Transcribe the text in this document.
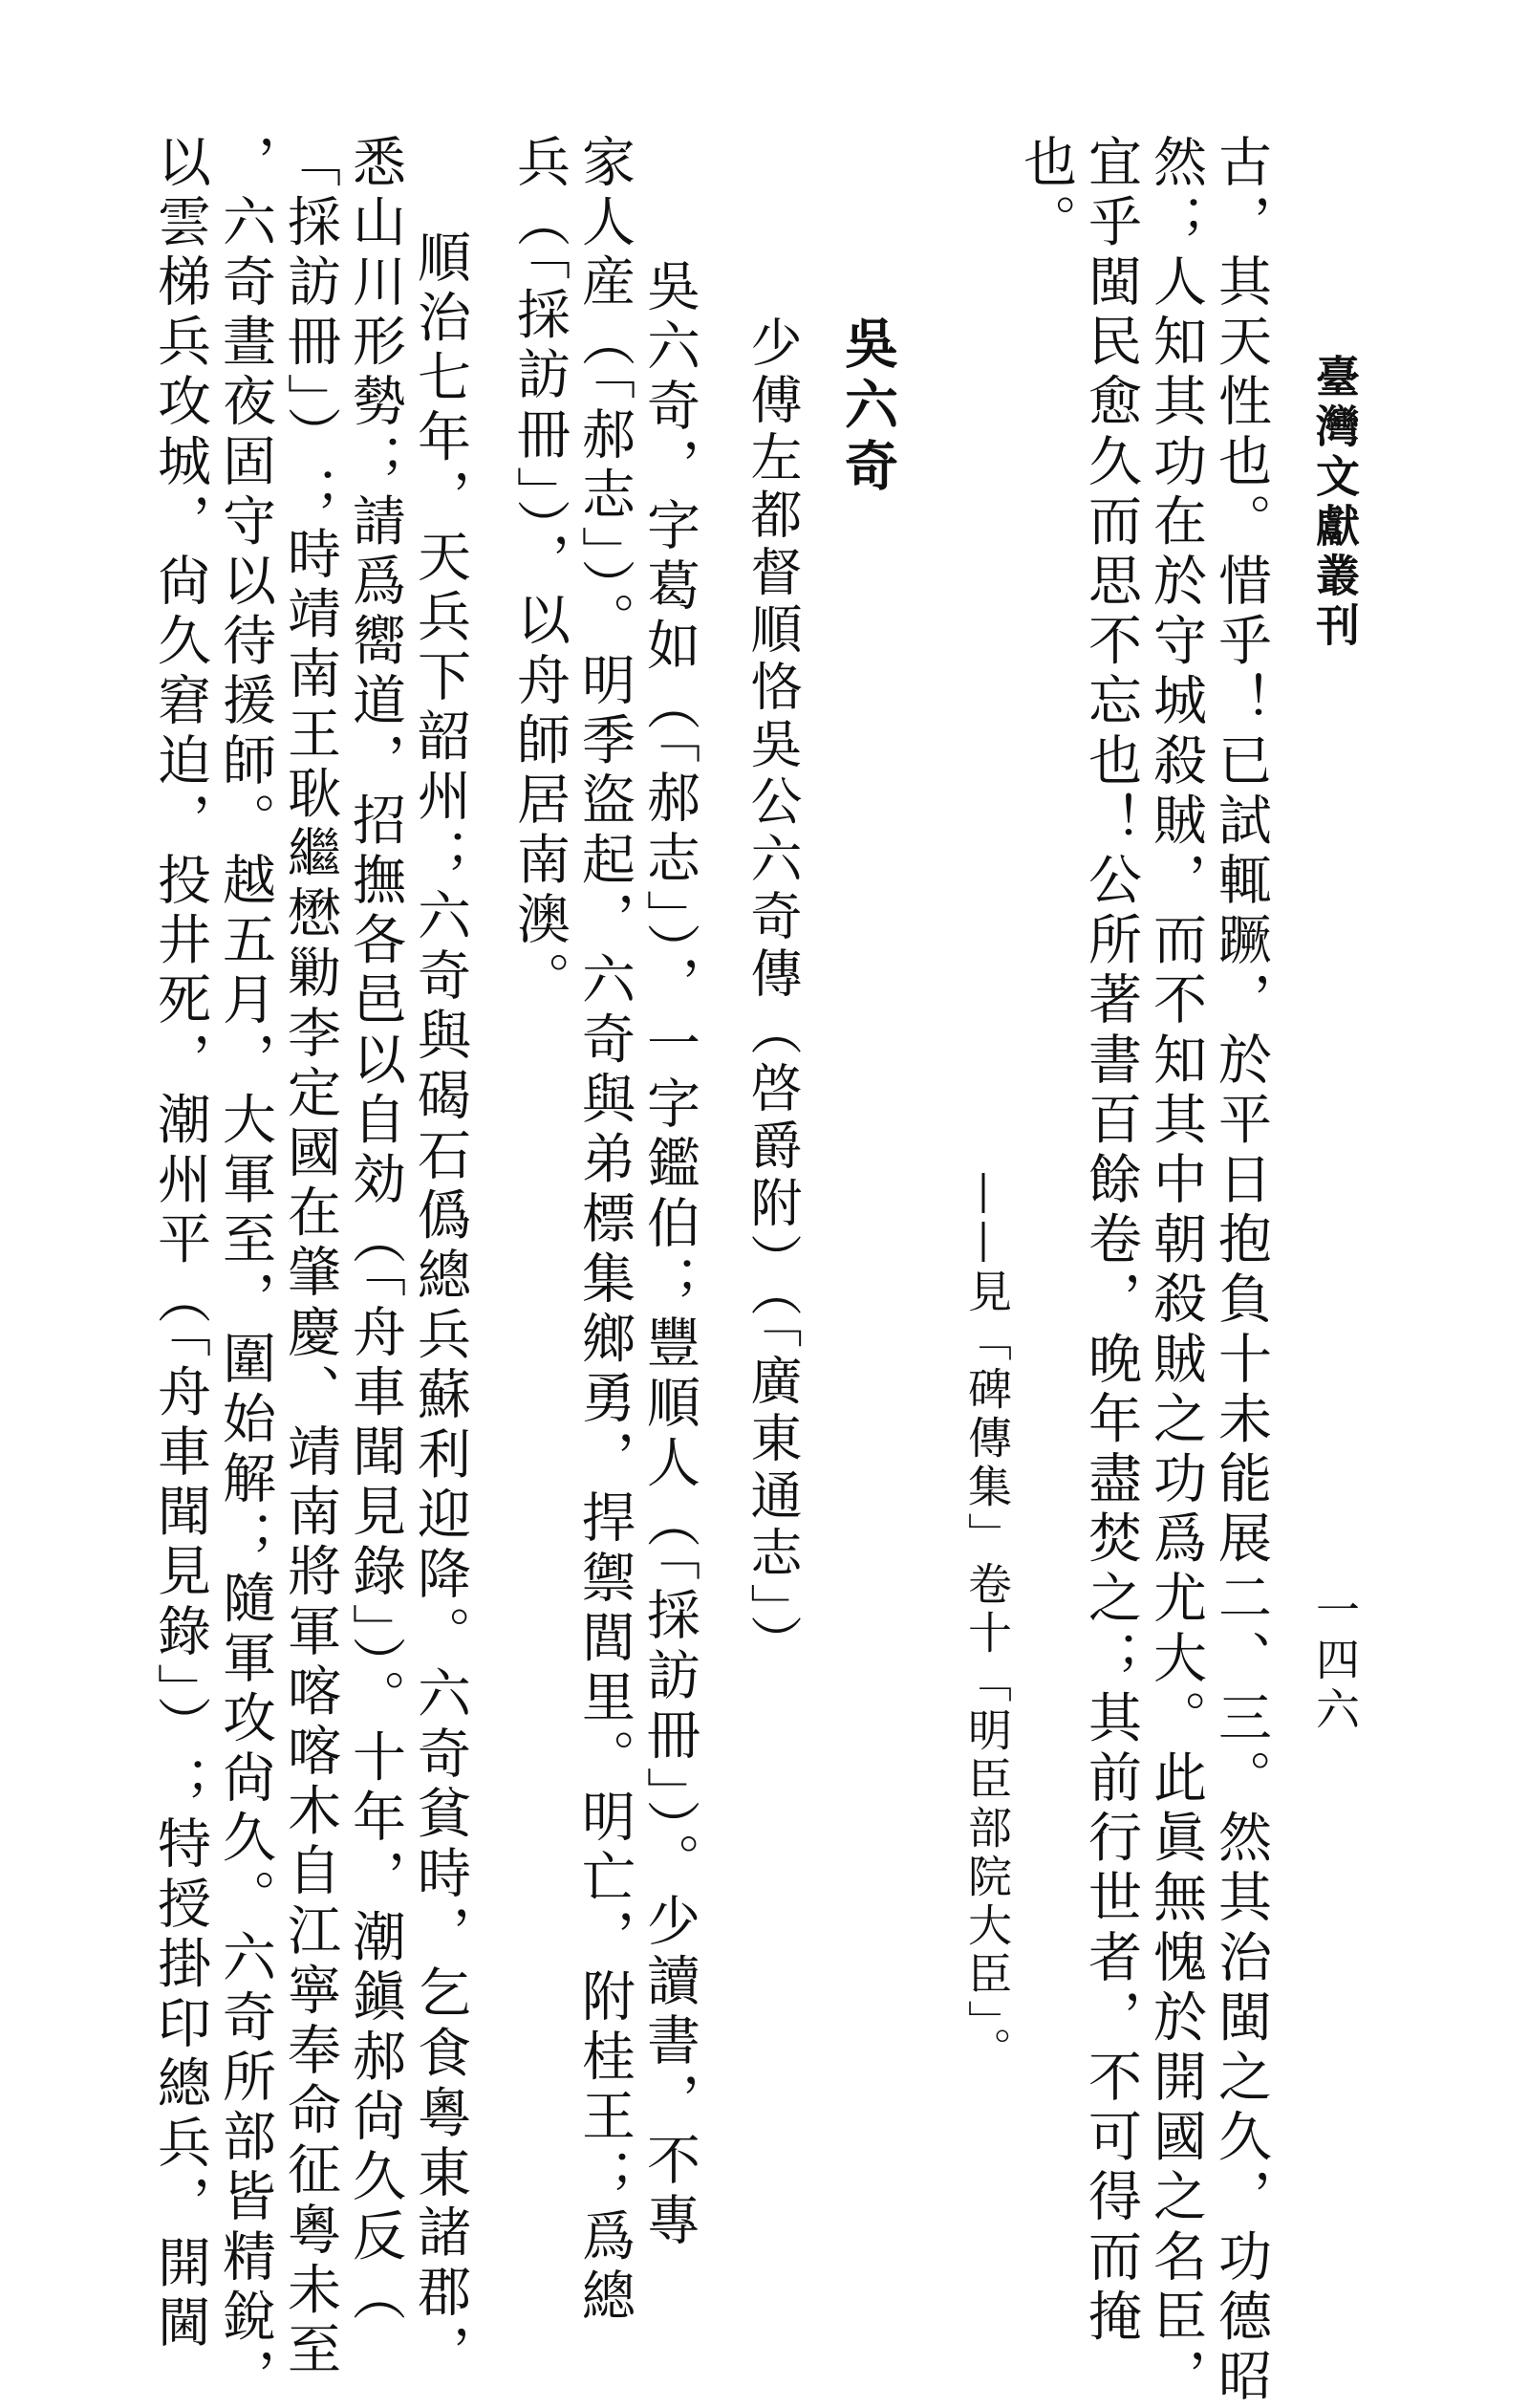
臺灣文獻叢刊
一四六
古，其天性也。惜乎！已試輒蹶，於平日抱負十未能展二、三。然其治閩之久，功德昭
然；人知其功在於守城殺賊，而不知其中朝殺賊之功爲尤大。此眞無愧於開國之名臣，
宜乎閩民愈久而思不忘也！公所著書百餘卷，晚年盡焚之；其前行世者，不可得而掩
也。
——見「碑傳集」卷十「明臣部院大臣」。
吳六奇
少傅左都督順恪吳公六奇傳（啓爵附）（「廣東通志」）
吳六奇，字葛如（「郝志」），一字鑑伯；豐順人（「採訪冊」）。少讀書，不專
家人産（「郝志」）。明季盜起，六奇與弟標集鄉勇，捍禦閭里。明亡，附桂王；爲總
兵（「採訪冊」），以舟師居南澳。
順治七年，天兵下韶州；六奇與碣石僞總兵蘇利迎降。六奇貧時，乞食粵東諸郡，
悉山川形勢；請爲嚮道，招撫各邑以自効（「舟車聞見錄」）。十年，潮鎭郝尙久反（
「採訪冊」）；時靖南王耿繼懋勦李定國在肇慶、靖南將軍喀喀木自江寧奉命征粵未至
，六奇晝夜固守以待援師。越五月，大軍至，圍始解；隨軍攻尙久。六奇所部皆精銳，
以雲梯兵攻城，尙久窘迫，投井死，潮州平（「舟車聞見錄」）；特授掛印總兵，開閫
